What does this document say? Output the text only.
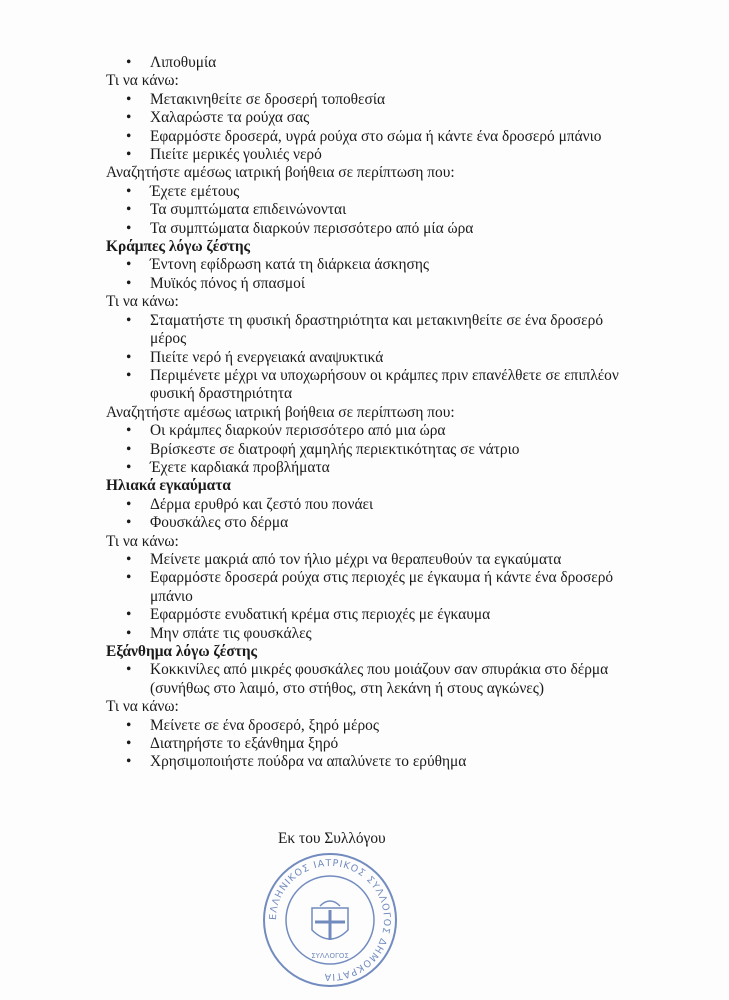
• Λιποθυμία

Τι να κάνω:

• Μετακινηθείτε σε δροσερή τοποθεσία

• Χαλαρώστε τα ρούχα σας

• Εφαρμόστε δροσερά, υγρά ρούχα στο σώμα ή κάντε ένα δροσερό μπάνιο

• Πιείτε μερικές γουλιές νερό

Αναζητήστε αμέσως ιατρική βοήθεια σε περίπτωση που:

• Έχετε εμέτους

• Τα συμπτώματα επιδεινώνονται

• Τα συμπτώματα διαρκούν περισσότερο από μία ώρα

Κράμπες λόγω ζέστης

• Έντονη εφίδρωση κατά τη διάρκεια άσκησης

• Μυϊκός πόνος ή σπασμοί

Τι να κάνω:

• Σταματήστε τη φυσική δραστηριότητα και μετακινηθείτε σε ένα δροσερό μέρος

• Πιείτε νερό ή ενεργειακά αναψυκτικά

• Περιμένετε μέχρι να υποχωρήσουν οι κράμπες πριν επανέλθετε σε επιπλέον φυσική δραστηριότητα

Αναζητήστε αμέσως ιατρική βοήθεια σε περίπτωση που:

• Οι κράμπες διαρκούν περισσότερο από μια ώρα

• Βρίσκεστε σε διατροφή χαμηλής περιεκτικότητας σε νάτριο

• Έχετε καρδιακά προβλήματα

Ηλιακά εγκαύματα

• Δέρμα ερυθρό και ζεστό που πονάει

• Φουσκάλες στο δέρμα

Τι να κάνω:

• Μείνετε μακριά από τον ήλιο μέχρι να θεραπευθούν τα εγκαύματα

• Εφαρμόστε δροσερά ρούχα στις περιοχές με έγκαυμα ή κάντε ένα δροσερό μπάνιο

• Εφαρμόστε ενυδατική κρέμα στις περιοχές με έγκαυμα

• Μην σπάτε τις φουσκάλες

Εξάνθημα λόγω ζέστης

• Κοκκινίλες από μικρές φουσκάλες που μοιάζουν σαν σπυράκια στο δέρμα (συνήθως στο λαιμό, στο στήθος, στη λεκάνη ή στους αγκώνες)

Τι να κάνω:

• Μείνετε σε ένα δροσερό, ξηρό μέρος

• Διατηρήστε το εξάνθημα ξηρό

• Χρησιμοποιήστε πούδρα να απαλύνετε το ερύθημα

Εκ του Συλλόγου
ΕΛΛΗΝΙΚΟΣ ΙΑΤΡΙΚΟΣ ΣΥΛΛΟΓΟΣ ΔΗΜΟΚΡΑΤΙΑ
ΣΥΛΛΟΓΟΣ
